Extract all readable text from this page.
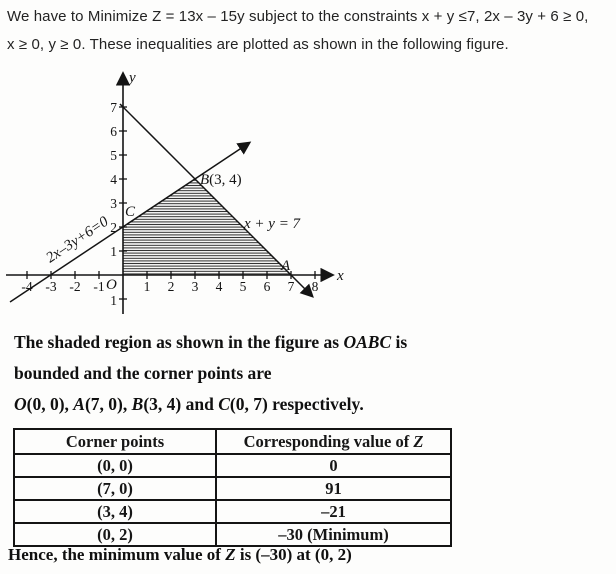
We have to Minimize Z = 13x – 15y subject to the constraints x + y ≤7, 2x – 3y + 6 ≥ 0,
x ≥ 0, y ≥ 0. These inequalities are plotted as shown in the following figure.
y
x
O
-4 -3 -2 -1	1 2 3 4 5 6 7 8
7
6
5
4
3
2
1
1
x + y = 7
2x–3y+6=0
B(3, 4)
C
A
The shaded region as shown in the figure as OABC is
bounded and the corner points are
O(0, 0), A(7, 0), B(3, 4) and C(0, 7) respectively.
Corner points	Corresponding value of Z
(0, 0)	0
(7, 0)	91
(3, 4)	–21
(0, 2)	–30 (Minimum)
Hence, the minimum value of Z is (–30) at (0, 2)
